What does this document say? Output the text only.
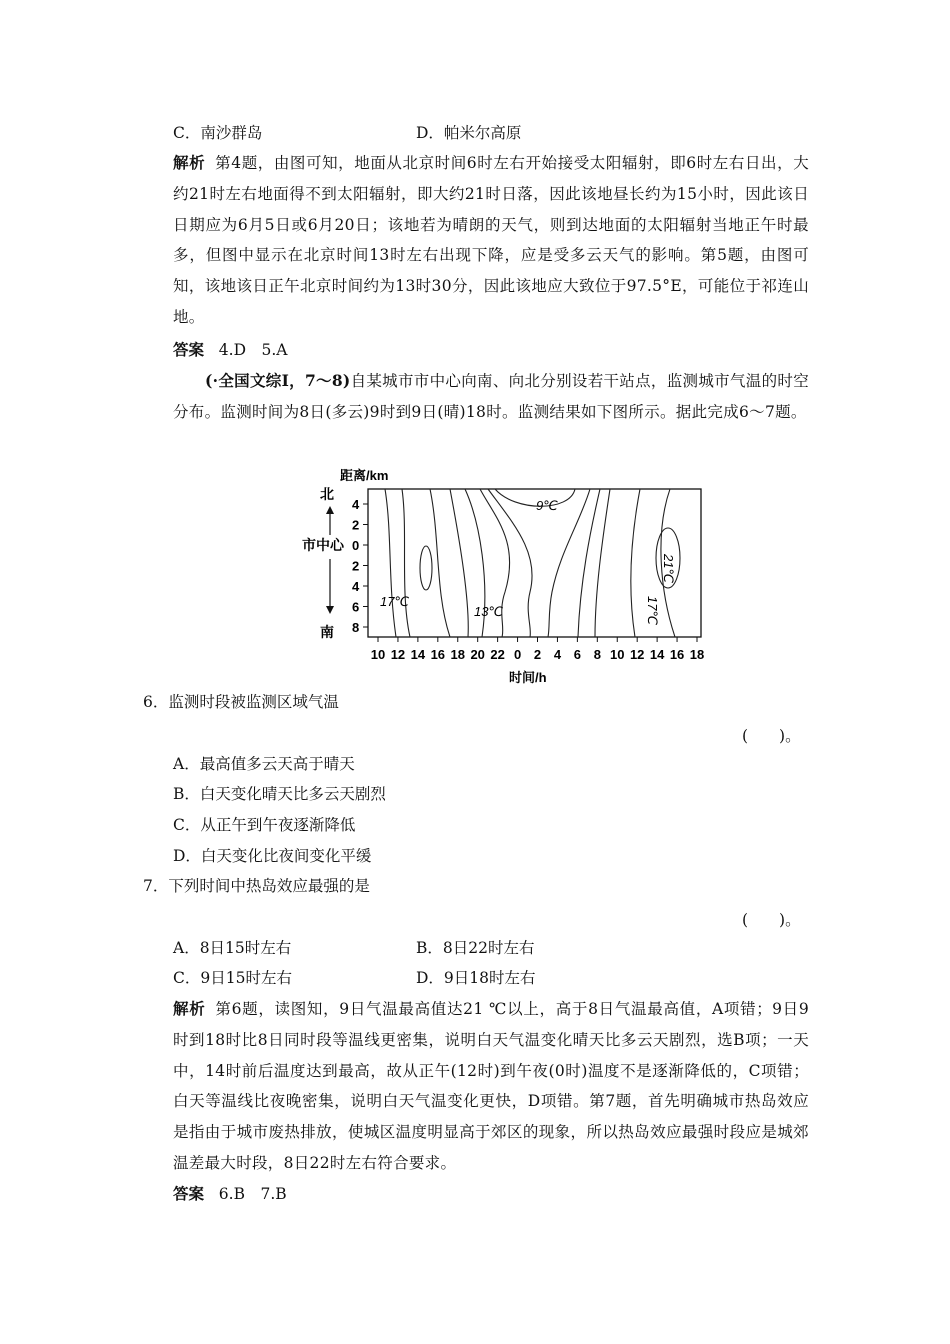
C．南沙群岛	D．帕米尔高原
解析 第4题，由图可知，地面从北京时间6时左右开始接受太阳辐射，即6时左右日出，大约21时左右地面得不到太阳辐射，即大约21时日落，因此该地昼长约为15小时，因此该日日期应为6月5日或6月20日；该地若为晴朗的天气，则到达地面的太阳辐射当地正午时最多，但图中显示在北京时间13时左右出现下降，应是受多云天气的影响。第5题，由图可知，该地该日正午北京时间约为13时30分，因此该地应大致位于97.5°E，可能位于祁连山地。
答案 4.D　5.A
(·全国文综Ⅰ，7～8)自某城市市中心向南、向北分别设若干站点，监测城市气温的时空分布。监测时间为8日(多云)9时到9日(晴)18时。监测结果如下图所示。据此完成6～7题。
距离/km
北
市中心
南
4
2
0
2
4
6
8
10 12 14 16 18 20 22 0 2 4 6 8 10 12 14 16 18
9℃
17℃
13℃	17℃
21℃
时间/h
6．监测时段被监测区域气温
(　　)。
A．最高值多云天高于晴天
B．白天变化晴天比多云天剧烈
C．从正午到午夜逐渐降低
D．白天变化比夜间变化平缓
7．下列时间中热岛效应最强的是
(　　)。
A．8日15时左右	B．8日22时左右
C．9日15时左右	D．9日18时左右
解析 第6题，读图知，9日气温最高值达21 ℃以上，高于8日气温最高值，A项错；9日9时到18时比8日同时段等温线更密集，说明白天气温变化晴天比多云天剧烈，选B项；一天中，14时前后温度达到最高，故从正午(12时)到午夜(0时)温度不是逐渐降低的，C项错；白天等温线比夜晚密集，说明白天气温变化更快，D项错。第7题，首先明确城市热岛效应是指由于城市废热排放，使城区温度明显高于郊区的现象，所以热岛效应最强时段应是城郊温差最大时段，8日22时左右符合要求。
答案 6.B　7.B
